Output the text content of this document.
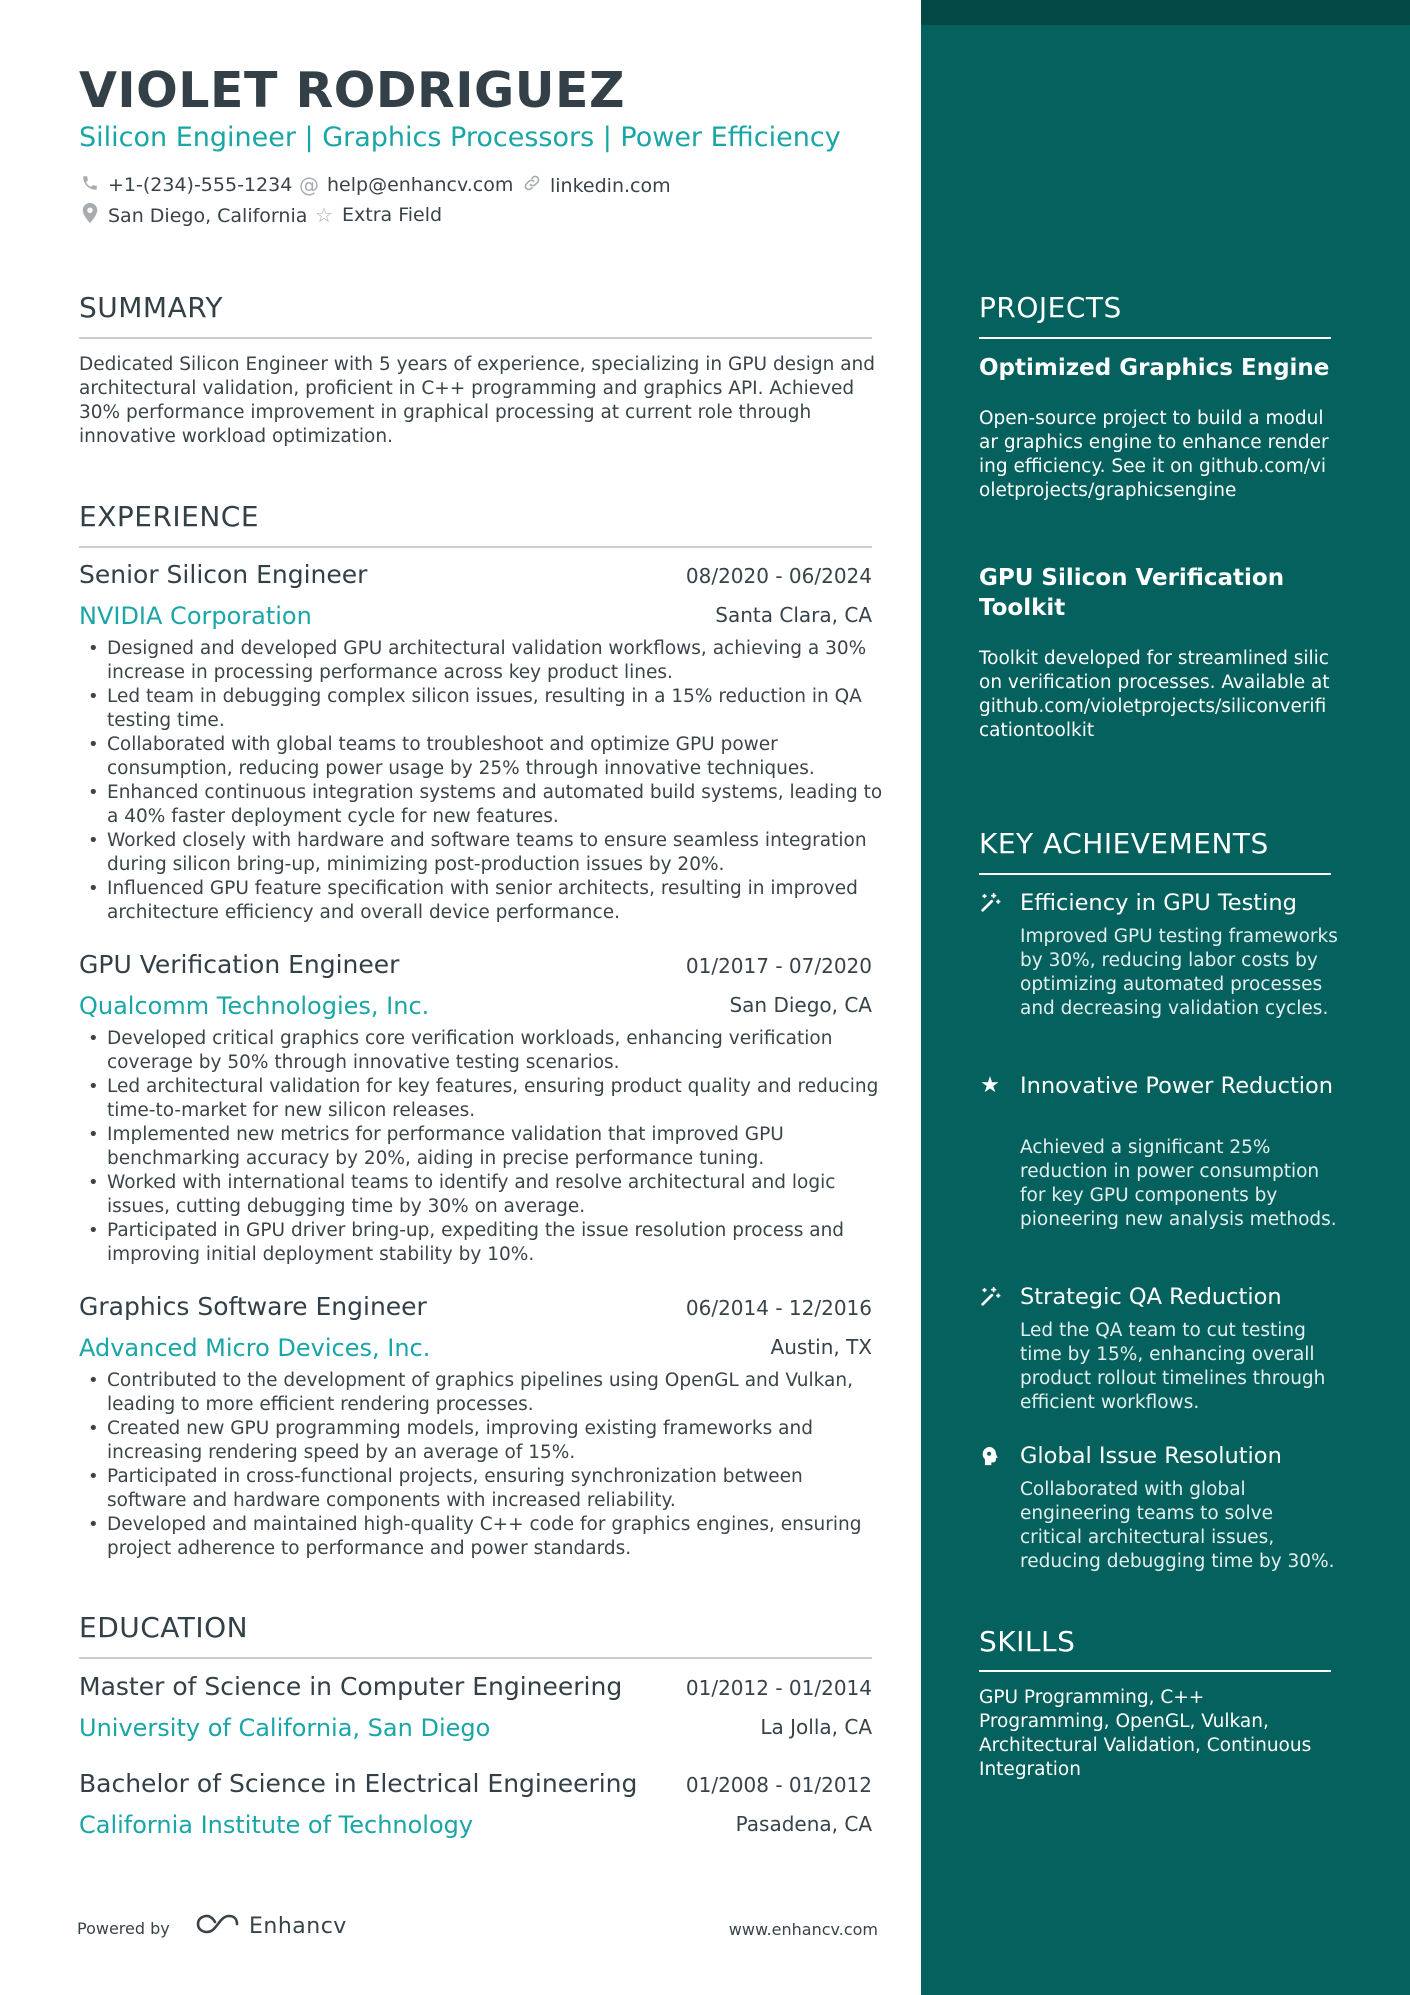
VIOLET RODRIGUEZ
Silicon Engineer | Graphics Processors | Power Efficiency
+1-(234)-555-1234 @ help@enhancv.com linkedin.com
San Diego, California ☆ Extra Field
SUMMARY
Dedicated Silicon Engineer with 5 years of experience, specializing in GPU design and architectural validation, proficient in C++ programming and graphics API. Achieved 30% performance improvement in graphical processing at current role through innovative workload optimization.
EXPERIENCE
Senior Silicon Engineer	08/2020 - 06/2024
NVIDIA Corporation	Santa Clara, CA
• Designed and developed GPU architectural validation workflows, achieving a 30% increase in processing performance across key product lines.
• Led team in debugging complex silicon issues, resulting in a 15% reduction in QA testing time.
• Collaborated with global teams to troubleshoot and optimize GPU power consumption, reducing power usage by 25% through innovative techniques.
• Enhanced continuous integration systems and automated build systems, leading to a 40% faster deployment cycle for new features.
• Worked closely with hardware and software teams to ensure seamless integration during silicon bring-up, minimizing post-production issues by 20%.
• Influenced GPU feature specification with senior architects, resulting in improved architecture efficiency and overall device performance.
GPU Verification Engineer	01/2017 - 07/2020
Qualcomm Technologies, Inc.	San Diego, CA
• Developed critical graphics core verification workloads, enhancing verification coverage by 50% through innovative testing scenarios.
• Led architectural validation for key features, ensuring product quality and reducing time-to-market for new silicon releases.
• Implemented new metrics for performance validation that improved GPU benchmarking accuracy by 20%, aiding in precise performance tuning.
• Worked with international teams to identify and resolve architectural and logic issues, cutting debugging time by 30% on average.
• Participated in GPU driver bring-up, expediting the issue resolution process and improving initial deployment stability by 10%.
Graphics Software Engineer	06/2014 - 12/2016
Advanced Micro Devices, Inc.	Austin, TX
• Contributed to the development of graphics pipelines using OpenGL and Vulkan, leading to more efficient rendering processes.
• Created new GPU programming models, improving existing frameworks and increasing rendering speed by an average of 15%.
• Participated in cross-functional projects, ensuring synchronization between software and hardware components with increased reliability.
• Developed and maintained high-quality C++ code for graphics engines, ensuring project adherence to performance and power standards.
EDUCATION
Master of Science in Computer Engineering	01/2012 - 01/2014
University of California, San Diego	La Jolla, CA
Bachelor of Science in Electrical Engineering 01/2008 - 01/2012
California Institute of Technology	Pasadena, CA
PROJECTS
Optimized Graphics Engine
Open-source project to build a modular graphics engine to enhance rendering efficiency. See it on github.com/violetprojects/graphicsengine
GPU Silicon Verification Toolkit
Toolkit developed for streamlined silicon verification processes. Available at github.com/violetprojects/siliconverificationtoolkit
KEY ACHIEVEMENTS
Efficiency in GPU Testing
Improved GPU testing frameworks by 30%, reducing labor costs by optimizing automated processes and decreasing validation cycles.
★ Innovative Power Reduction
Achieved a significant 25% reduction in power consumption for key GPU components by pioneering new analysis methods.
Strategic QA Reduction
Led the QA team to cut testing time by 15%, enhancing overall product rollout timelines through efficient workflows.
Global Issue Resolution
Collaborated with global engineering teams to solve critical architectural issues, reducing debugging time by 30%.
SKILLS
GPU Programming, C++ Programming, OpenGL, Vulkan, Architectural Validation, Continuous Integration
Powered by	Enhancv	www.enhancv.com
